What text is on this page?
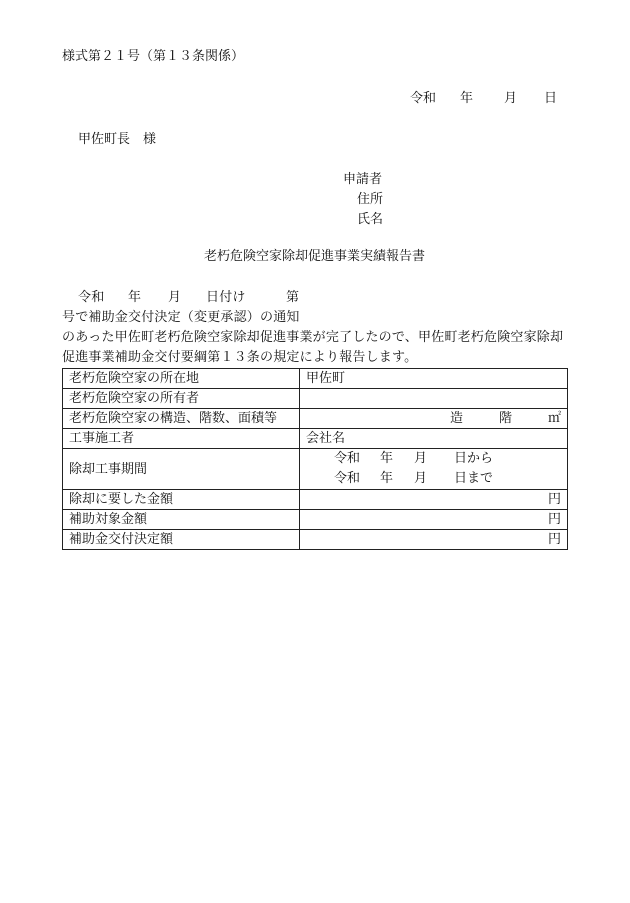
様式第２１号（第１３条関係）
令和 年 月 日
甲佐町長　様
申請者
住所
氏名
老朽危険空家除却促進事業実績報告書
令和 年 月 日付け	第号で補助金交付決定（変更承認）の通知
のあった甲佐町老朽危険空家除却促進事業が完了したので、甲佐町老朽危険空家除却
促進事業補助金交付要綱第１３条の規定により報告します。
老朽危険空家の所在地	甲佐町
老朽危険空家の所有者	
老朽危険空家の構造、階数、面積等	造 階 ㎡

工事施工者	会社名
除却工事期間	令和 年 月 日から
令和 年 月 日まで

除却に要した金額	円
補助対象金額	円
補助金交付決定額	円
